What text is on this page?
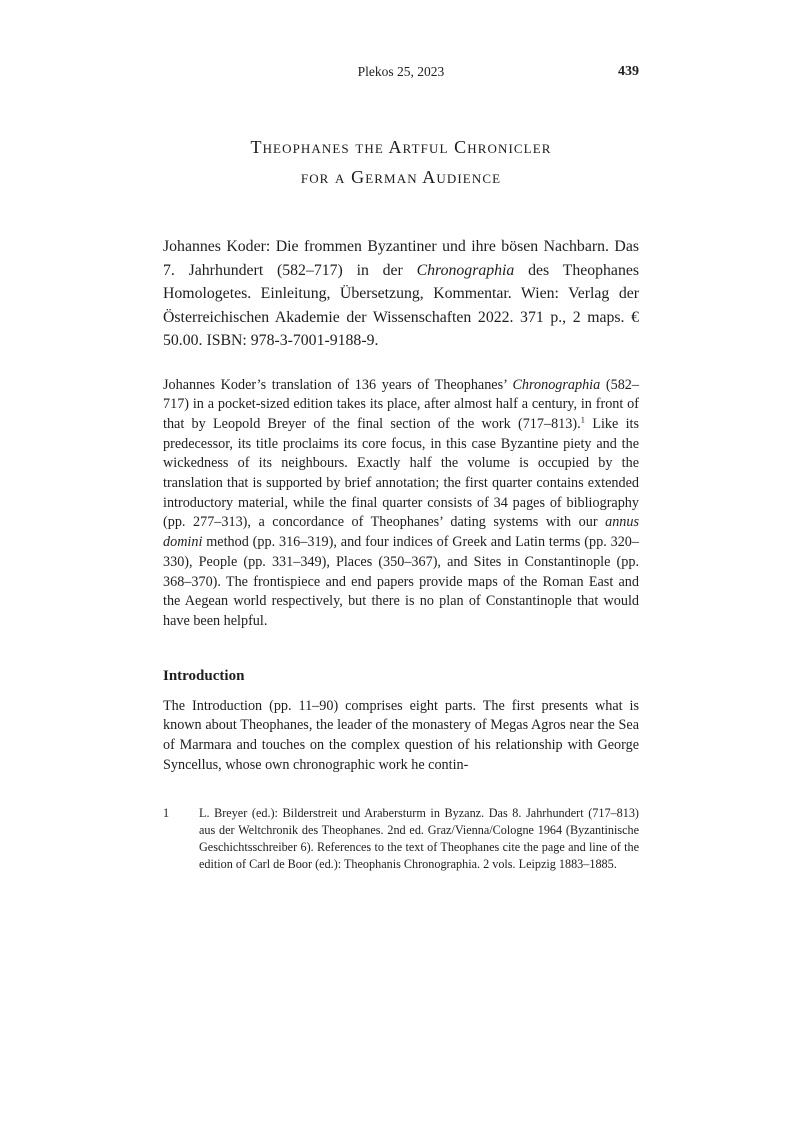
Plekos 25, 2023	439
Theophanes the Artful Chronicler
for a German Audience

Johannes Koder: Die frommen Byzantiner und ihre bösen Nachbarn. Das 7. Jahrhundert (582–717) in der Chronographia des Theophanes Homologetes. Einleitung, Übersetzung, Kommentar. Wien: Verlag der Österreichischen Akademie der Wissenschaften 2022. 371 p., 2 maps. € 50.00. ISBN: 978-3-7001-9188-9.

Johannes Koder’s translation of 136 years of Theophanes’ Chronographia (582–717) in a pocket-sized edition takes its place, after almost half a century, in front of that by Leopold Breyer of the final section of the work (717–813).$^1$ Like its predecessor, its title proclaims its core focus, in this case Byzantine piety and the wickedness of its neighbours. Exactly half the volume is occupied by the translation that is supported by brief annotation; the first quarter contains extended introductory material, while the final quarter consists of 34 pages of bibliography (pp. 277–313), a concordance of Theophanes’ dating systems with our annus domini method (pp. 316–319), and four indices of Greek and Latin terms (pp. 320–330), People (pp. 331–349), Places (350–367), and Sites in Constantinople (pp. 368–370). The frontispiece and end papers provide maps of the Roman East and the Aegean world respectively, but there is no plan of Constantinople that would have been helpful.

Introduction

The Introduction (pp. 11–90) comprises eight parts. The first presents what is known about Theophanes, the leader of the monastery of Megas Agros near the Sea of Marmara and touches on the complex question of his relationship with George Syncellus, whose own chronographic work he contin-

1 L. Breyer (ed.): Bilderstreit und Arabersturm in Byzanz. Das 8. Jahrhundert (717–813) aus der Weltchronik des Theophanes. 2nd ed. Graz/Vienna/Cologne 1964 (Byzantinische Geschichtsschreiber 6). References to the text of Theophanes cite the page and line of the edition of Carl de Boor (ed.): Theophanis Chronographia. 2 vols. Leipzig 1883–1885.
